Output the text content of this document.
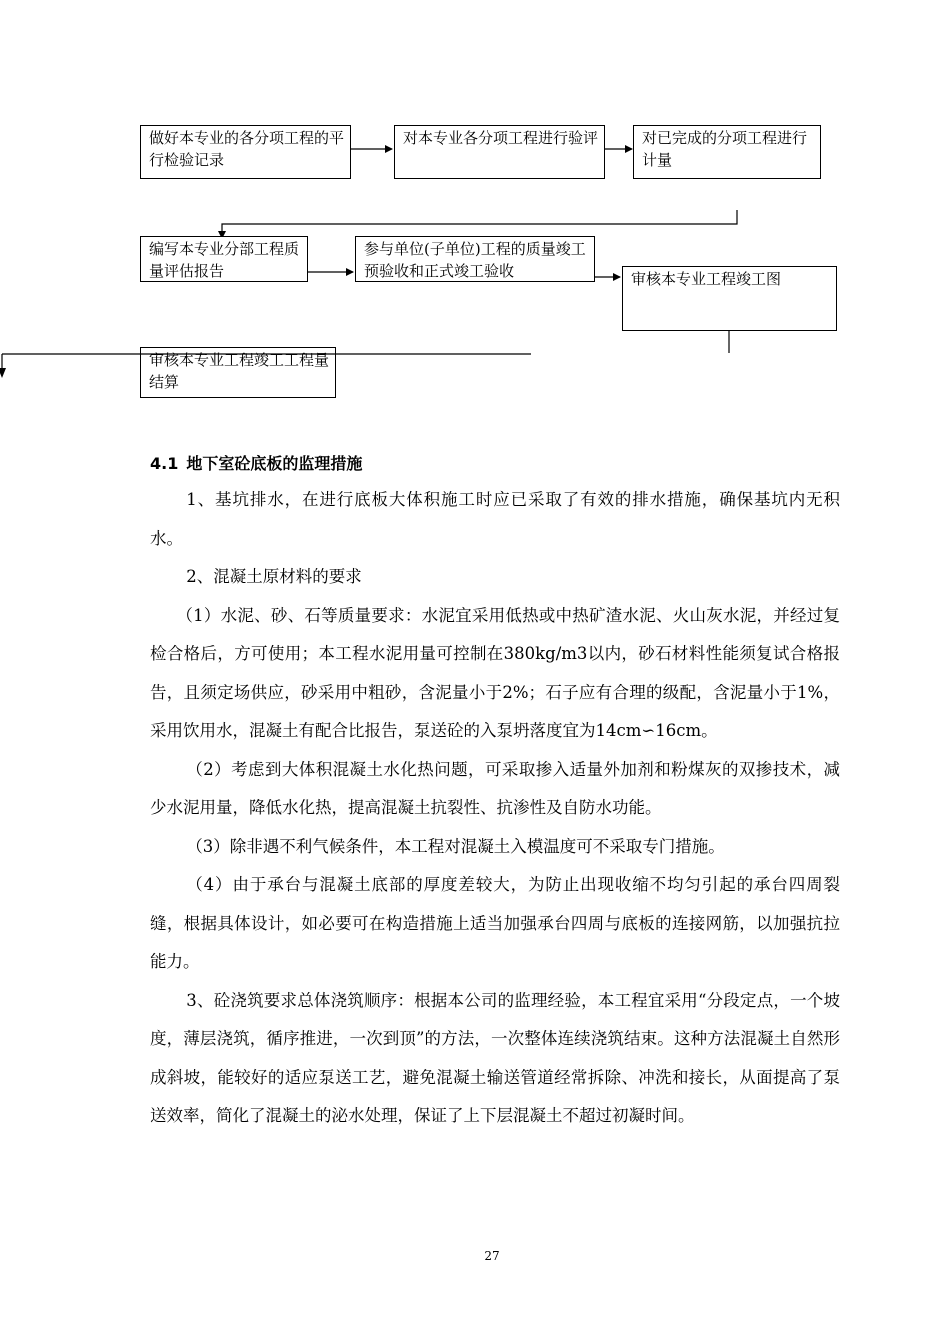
做好本专业的各分项工程的平行检验记录
对本专业各分项工程进行验评	对已完成的分项工程进行计量
编写本专业分部工程质量评估报告
参与单位(子单位)工程的质量竣工预验收和正式竣工验收	审核本专业工程竣工图
审核本专业工程竣工工程量结算
4.1 地下室砼底板的监理措施

1、基坑排水，在进行底板大体积施工时应已采取了有效的排水措施，确保基坑内无积水。

2、混凝土原材料的要求

（1）水泥、砂、石等质量要求：水泥宜采用低热或中热矿渣水泥、火山灰水泥，并经过复检合格后，方可使用；本工程水泥用量可控制在380kg/m3以内，砂石材料性能须复试合格报告，且须定场供应，砂采用中粗砂，含泥量小于2%；石子应有合理的级配，含泥量小于1%，采用饮用水，混凝土有配合比报告，泵送砼的入泵坍落度宜为14cm∽16cm。

（2）考虑到大体积混凝土水化热问题，可采取掺入适量外加剂和粉煤灰的双掺技术，减少水泥用量，降低水化热，提高混凝土抗裂性、抗渗性及自防水功能。

（3）除非遇不利气候条件，本工程对混凝土入模温度可不采取专门措施。

（4）由于承台与混凝土底部的厚度差较大，为防止出现收缩不均匀引起的承台四周裂缝，根据具体设计，如必要可在构造措施上适当加强承台四周与底板的连接网筋，以加强抗拉能力。

3、砼浇筑要求总体浇筑顺序：根据本公司的监理经验，本工程宜采用“分段定点，一个坡度，薄层浇筑，循序推进，一次到顶”的方法，一次整体连续浇筑结束。这种方法混凝土自然形成斜坡，能较好的适应泵送工艺，避免混凝土输送管道经常拆除、冲洗和接长，从面提高了泵送效率，简化了混凝土的泌水处理，保证了上下层混凝土不超过初凝时间。

27
